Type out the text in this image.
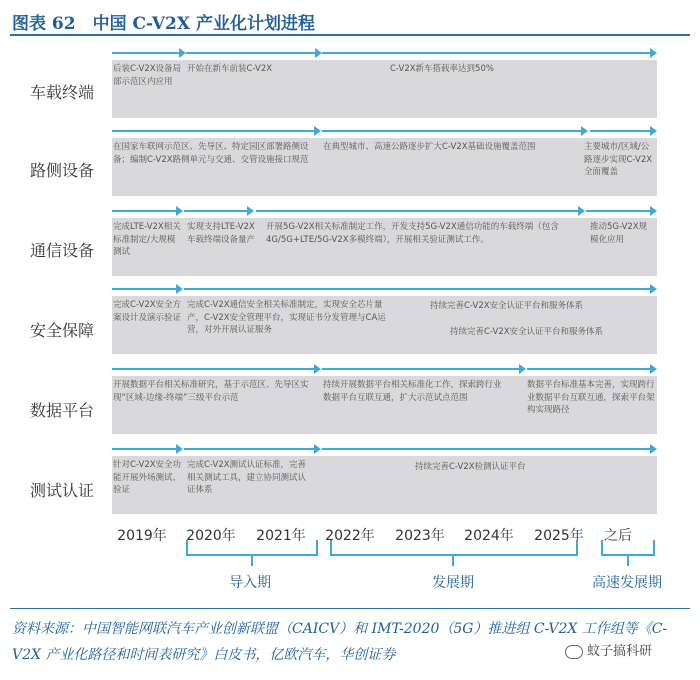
图表 62　中国 C-V2X 产业化计划进程
车载终端
后装C-V2X设备局部示范区内应用
开始在新车前装C-V2X	C-V2X新车搭载率达到50%
路侧设备
在国家车联网示范区、先导区、特定园区部署路侧设备；编制C-V2X路侧单元与交通、交管设施接口规范
在典型城市、高速公路逐步扩大C-V2X基础设施覆盖范围	主要城市/区域/公路逐步实现C-V2X全面覆盖
通信设备
完成LTE-V2X相关标准制定/大规模测试
实现支持LTE-V2X车载终端设备量产
开展5G-V2X相关标准制定工作，开发支持5G-V2X通信功能的车载终端（包含4G/5G+LTE/5G-V2X多模终端），开展相关验证测试工作。
推动5G-V2X规模化应用
安全保障
完成C-V2X安全方案设计及演示验证
完成C-V2X通信安全相关标准制定，实现安全芯片量产，C-V2X安全管理平台，实现证书分发管理与CA运营，对外开展认证服务
持续完善C-V2X安全认证平台和服务体系
持续完善C-V2X安全认证平台和服务体系
数据平台
开展数据平台相关标准研究，基于示范区、先导区实现“区域-边缘-终端”三级平台示范
持续开展数据平台相关标准化工作，探索跨行业数据平台互联互通，扩大示范试点范围
数据平台标准基本完善，实现跨行业数据平台互联互通，探索平台架构实现路径
测试认证
针对C-V2X安全功能开展外场测试、验证
完成C-V2X测试认证标准，完善相关测试工具，建立协同测试认证体系
持续完善C-V2X检测认证平台
2019年	2020年	2021年	2022年	2023年	2024年	2025年	之后
导入期	发展期	高速发展期
资料来源：中国智能网联汽车产业创新联盟（CAICV）和 IMT-2020（5G）推进组 C-V2X 工作组等《C-V2X 产业化路径和时间表研究》白皮书，亿欧汽车，华创证券	蚊子搞科研
